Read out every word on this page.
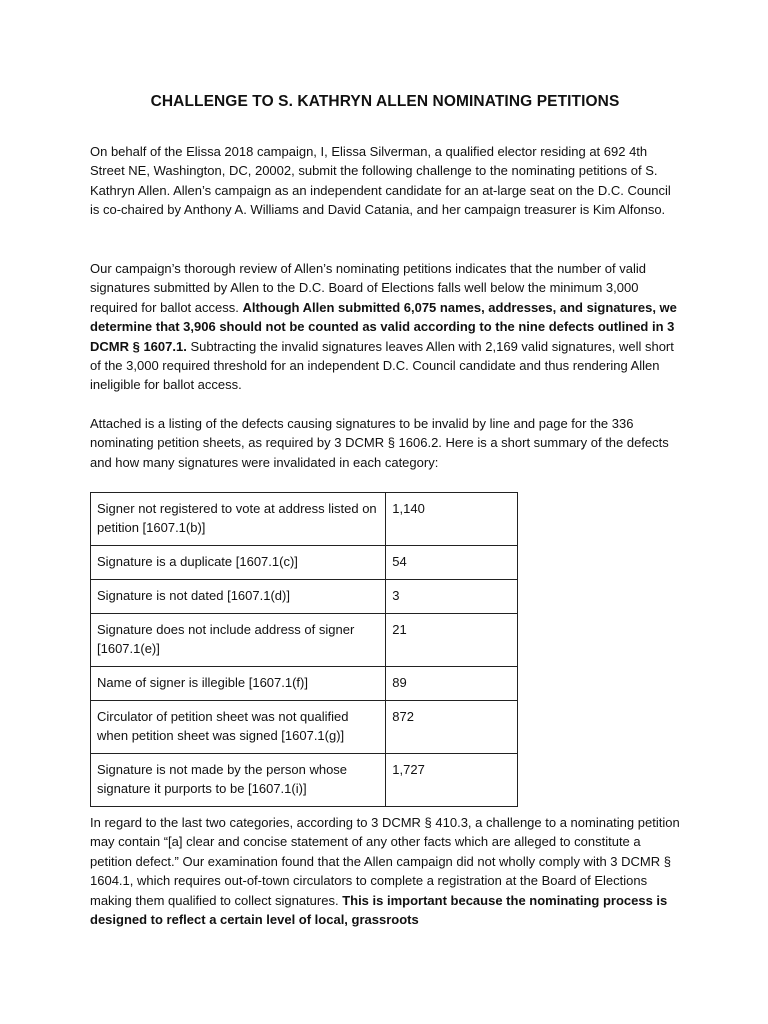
CHALLENGE TO S. KATHRYN ALLEN NOMINATING PETITIONS

On behalf of the Elissa 2018 campaign, I, Elissa Silverman, a qualified elector residing at 692 4th Street NE, Washington, DC, 20002, submit the following challenge to the nominating petitions of S. Kathryn Allen. Allen’s campaign as an independent candidate for an at-large seat on the D.C. Council is co-chaired by Anthony A. Williams and David Catania, and her campaign treasurer is Kim Alfonso.

Our campaign’s thorough review of Allen’s nominating petitions indicates that the number of valid signatures submitted by Allen to the D.C. Board of Elections falls well below the minimum 3,000 required for ballot access. Although Allen submitted 6,075 names, addresses, and signatures, we determine that 3,906 should not be counted as valid according to the nine defects outlined in 3 DCMR § 1607.1. Subtracting the invalid signatures leaves Allen with 2,169 valid signatures, well short of the 3,000 required threshold for an independent D.C. Council candidate and thus rendering Allen ineligible for ballot access.

Attached is a listing of the defects causing signatures to be invalid by line and page for the 336 nominating petition sheets, as required by 3 DCMR § 1606.2. Here is a short summary of the defects and how many signatures were invalidated in each category:

Signer not registered to vote at address listed on petition [1607.1(b)]	1,140
Signature is a duplicate [1607.1(c)]	54
Signature is not dated [1607.1(d)]	3
Signature does not include address of signer [1607.1(e)]	21
Name of signer is illegible [1607.1(f)]	89
Circulator of petition sheet was not qualified when petition sheet was signed [1607.1(g)]	872
Signature is not made by the person whose signature it purports to be [1607.1(i)]	1,727

In regard to the last two categories, according to 3 DCMR § 410.3, a challenge to a nominating petition may contain “[a] clear and concise statement of any other facts which are alleged to constitute a petition defect.” Our examination found that the Allen campaign did not wholly comply with 3 DCMR § 1604.1, which requires out-of-town circulators to complete a registration at the Board of Elections making them qualified to collect signatures. This is important because the nominating process is designed to reflect a certain level of local, grassroots
